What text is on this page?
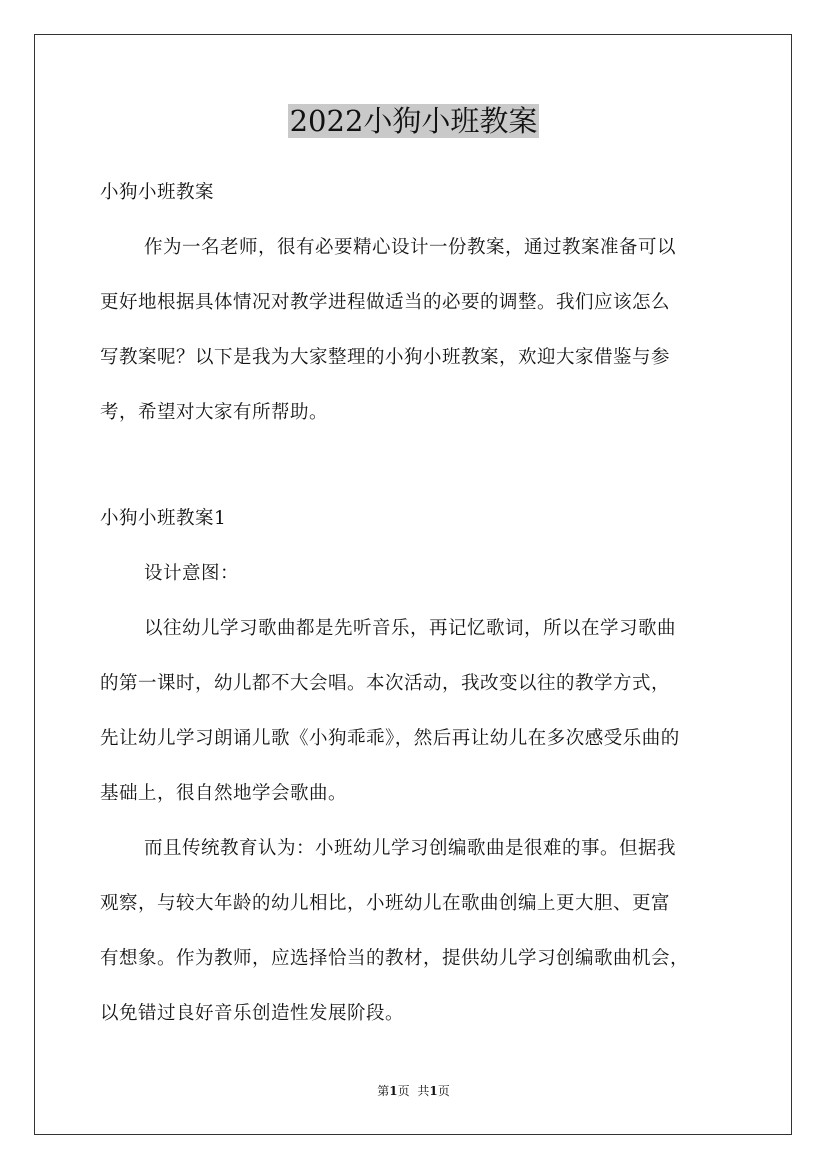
2022小狗小班教案
小狗小班教案
作为一名老师，很有必要精心设计一份教案，通过教案准备可以
更好地根据具体情况对教学进程做适当的必要的调整。我们应该怎么
写教案呢？以下是我为大家整理的小狗小班教案，欢迎大家借鉴与参
考，希望对大家有所帮助。
小狗小班教案1
设计意图：
以往幼儿学习歌曲都是先听音乐，再记忆歌词，所以在学习歌曲
的第一课时，幼儿都不大会唱。本次活动，我改变以往的教学方式，
先让幼儿学习朗诵儿歌《小狗乖乖》，然后再让幼儿在多次感受乐曲的
基础上，很自然地学会歌曲。
而且传统教育认为：小班幼儿学习创编歌曲是很难的事。但据我
观察，与较大年龄的幼儿相比，小班幼儿在歌曲创编上更大胆、更富
有想象。作为教师，应选择恰当的教材，提供幼儿学习创编歌曲机会，
以免错过良好音乐创造性发展阶段。
第1页 共1页
